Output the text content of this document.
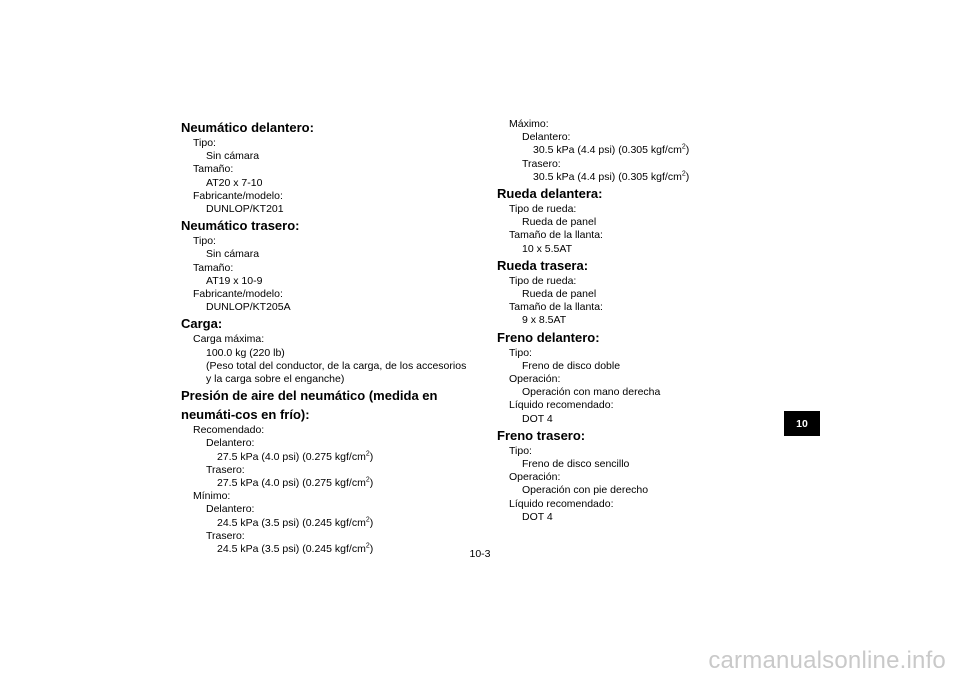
Neumático delantero:
Tipo:
Sin cámara
Tamaño:
AT20 x 7-10
Fabricante/modelo:
DUNLOP/KT201
Neumático trasero:
Tipo:
Sin cámara
Tamaño:
AT19 x 10-9
Fabricante/modelo:
DUNLOP/KT205A
Carga:
Carga máxima:
100.0 kg (220 lb)
(Peso total del conductor, de la carga, de los accesorios y la carga sobre el enganche)
Presión de aire del neumático (medida en neumáti-cos en frío):
Recomendado:
Delantero:
27.5 kPa (4.0 psi) (0.275 kgf/$cm^2$)
Trasero:
27.5 kPa (4.0 psi) (0.275 kgf/$cm^2$)
Mínimo:
Delantero:
24.5 kPa (3.5 psi) (0.245 kgf/$cm^2$)
Trasero:
24.5 kPa (3.5 psi) (0.245 kgf/$cm^2$)
Máximo:
Delantero:
30.5 kPa (4.4 psi) (0.305 kgf/$cm^2$)
Trasero:
30.5 kPa (4.4 psi) (0.305 kgf/$cm^2$)
Rueda delantera:
Tipo de rueda:
Rueda de panel
Tamaño de la llanta:
10 x 5.5AT
Rueda trasera:
Tipo de rueda:
Rueda de panel
Tamaño de la llanta:
9 x 8.5AT
Freno delantero:
Tipo:
Freno de disco doble
Operación:
Operación con mano derecha
Líquido recomendado:
DOT 4
Freno trasero:
Tipo:
Freno de disco sencillo
Operación:
Operación con pie derecho
Líquido recomendado:
DOT 4
10-3
10
carmanualsonline.info
